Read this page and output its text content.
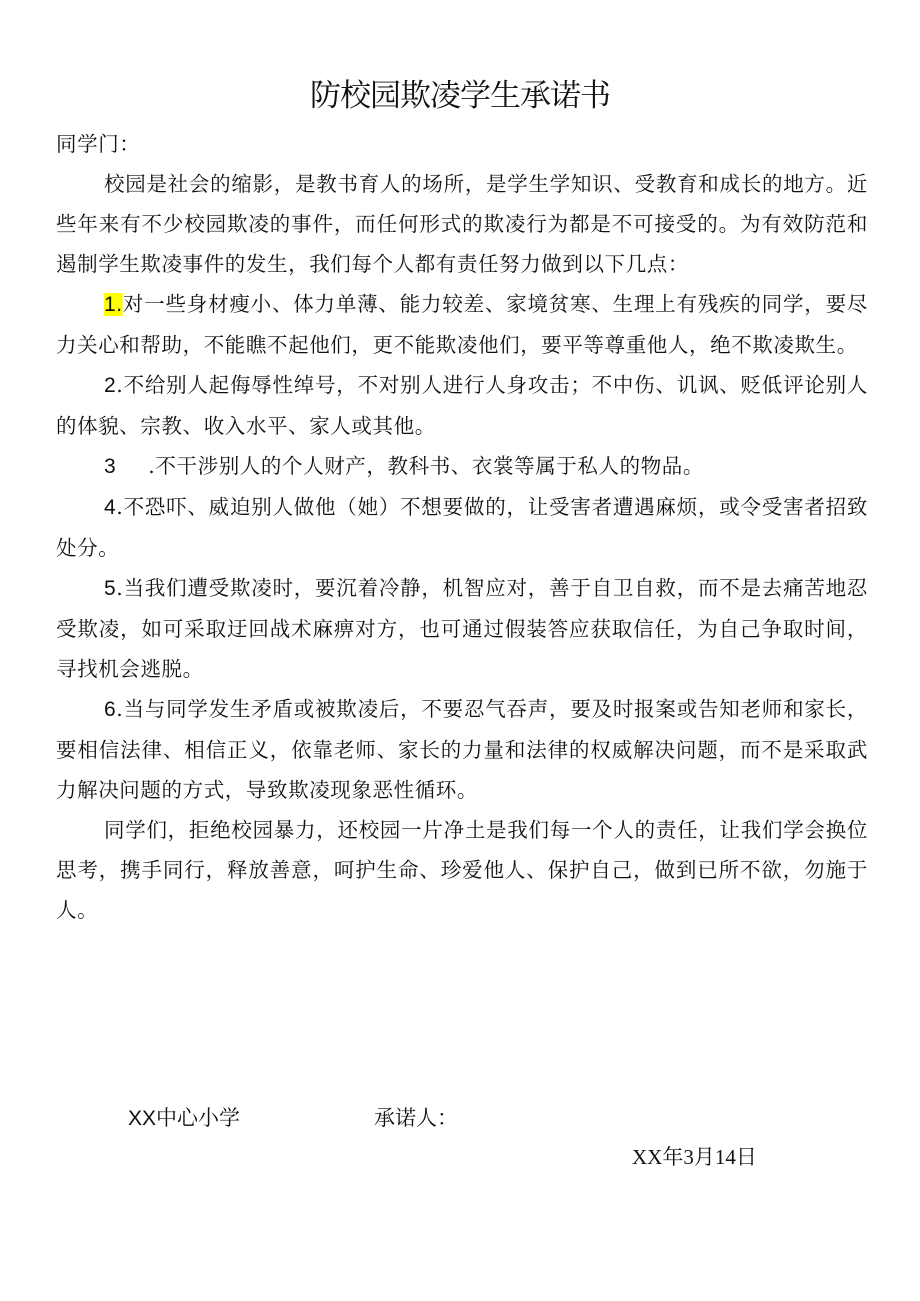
防校园欺凌学生承诺书

同学门：

校园是社会的缩影，是教书育人的场所，是学生学知识、受教育和成长的地方。近些年来有不少校园欺凌的事件，而任何形式的欺凌行为都是不可接受的。为有效防范和遏制学生欺凌事件的发生，我们每个人都有责任努力做到以下几点：

1.对一些身材瘦小、体力单薄、能力较差、家境贫寒、生理上有残疾的同学，要尽力关心和帮助，不能瞧不起他们，更不能欺凌他们，要平等尊重他人，绝不欺凌欺生。

2.不给别人起侮辱性绰号，不对别人进行人身攻击；不中伤、讥讽、贬低评论别人的体貌、宗教、收入水平、家人或其他。

3 .不干涉别人的个人财产，教科书、衣裳等属于私人的物品。

4.不恐吓、威迫别人做他（她）不想要做的，让受害者遭遇麻烦，或令受害者招致处分。

5.当我们遭受欺凌时，要沉着冷静，机智应对，善于自卫自救，而不是去痛苦地忍受欺凌，如可采取迂回战术麻痹对方，也可通过假装答应获取信任，为自己争取时间，寻找机会逃脱。

6.当与同学发生矛盾或被欺凌后，不要忍气吞声，要及时报案或告知老师和家长，要相信法律、相信正义，依靠老师、家长的力量和法律的权威解决问题，而不是采取武力解决问题的方式，导致欺凌现象恶性循环。

同学们，拒绝校园暴力，还校园一片净土是我们每一个人的责任，让我们学会换位思考，携手同行，释放善意，呵护生命、珍爱他人、保护自己，做到已所不欲，勿施于人。

XX中心小学	承诺人：
XX年3月14日
